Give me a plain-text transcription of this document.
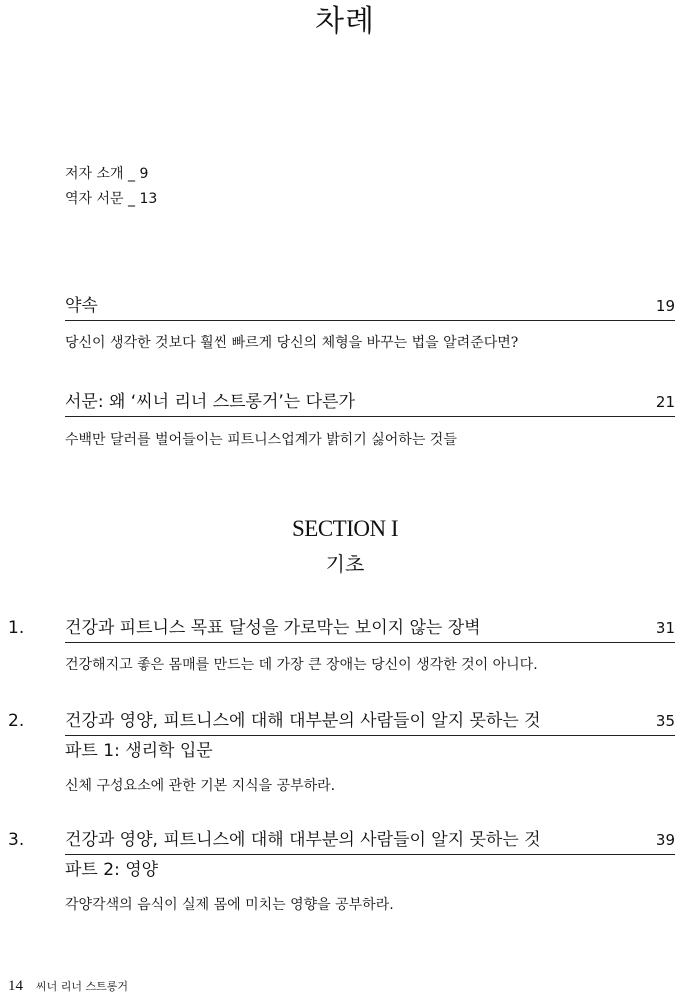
차례
저자 소개 _ 9
역자 서문 _ 13
약속	19
당신이 생각한 것보다 훨씬 빠르게 당신의 체형을 바꾸는 법을 알려준다면?
서문: 왜 ‘씨너 리너 스트롱거’는 다른가	21
수백만 달러를 벌어들이는 피트니스업계가 밝히기 싫어하는 것들
SECTION I
기초
1. 건강과 피트니스 목표 달성을 가로막는 보이지 않는 장벽	31
건강해지고 좋은 몸매를 만드는 데 가장 큰 장애는 당신이 생각한 것이 아니다.
2. 건강과 영양, 피트니스에 대해 대부분의 사람들이 알지 못하는 것	35
파트 1: 생리학 입문
신체 구성요소에 관한 기본 지식을 공부하라.
3. 건강과 영양, 피트니스에 대해 대부분의 사람들이 알지 못하는 것	39
파트 2: 영양
각양각색의 음식이 실제 몸에 미치는 영향을 공부하라.
14 씨너 리너 스트롱거
